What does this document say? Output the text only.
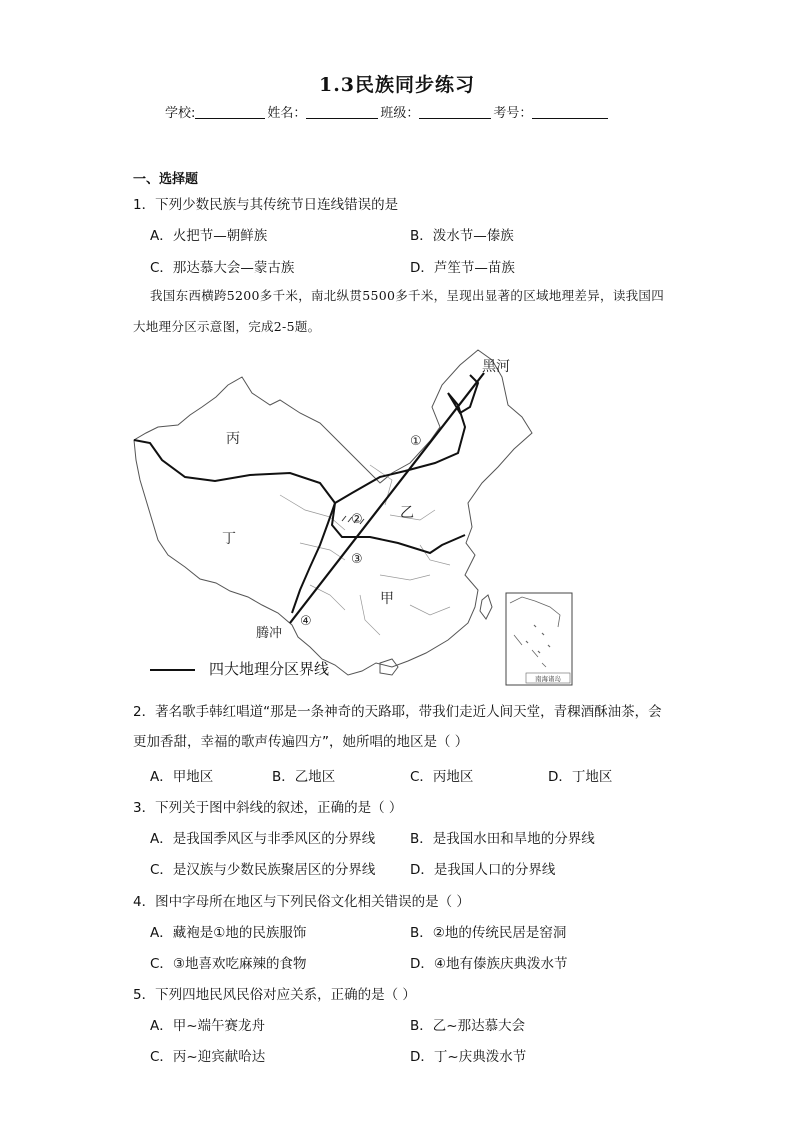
1.3民族同步练习
学校:	姓名：	班级：	考号：
一、选择题
1．下列少数民族与其传统节日连线错误的是
A．火把节—朝鲜族	B．泼水节—傣族
C．那达慕大会—蒙古族	D．芦笙节—苗族
我国东西横跨5200多千米，南北纵贯5500多千米，呈现出显著的区域地理差异，读我国四大地理分区示意图，完成2-5题。
黑河
丙
丁
乙
甲
腾冲
①
②
③
④
南海诸岛
四大地理分区界线
2．著名歌手韩红唱道“那是一条神奇的天路耶，带我们走近人间天堂，青稞酒酥油茶，会更加香甜，幸福的歌声传遍四方”，她所唱的地区是（ ）
A．甲地区	B．乙地区	C．丙地区	D．丁地区
3．下列关于图中斜线的叙述，正确的是（ ）
A．是我国季风区与非季风区的分界线	B．是我国水田和旱地的分界线
C．是汉族与少数民族聚居区的分界线	D．是我国人口的分界线
4．图中字母所在地区与下列民俗文化相关错误的是（ ）
A．藏袍是①地的民族服饰	B．②地的传统民居是窑洞
C．③地喜欢吃麻辣的食物	D．④地有傣族庆典泼水节
5．下列四地民风民俗对应关系，正确的是（ ）
A．甲~端午赛龙舟	B．乙~那达慕大会
C．丙~迎宾献哈达	D．丁~庆典泼水节
